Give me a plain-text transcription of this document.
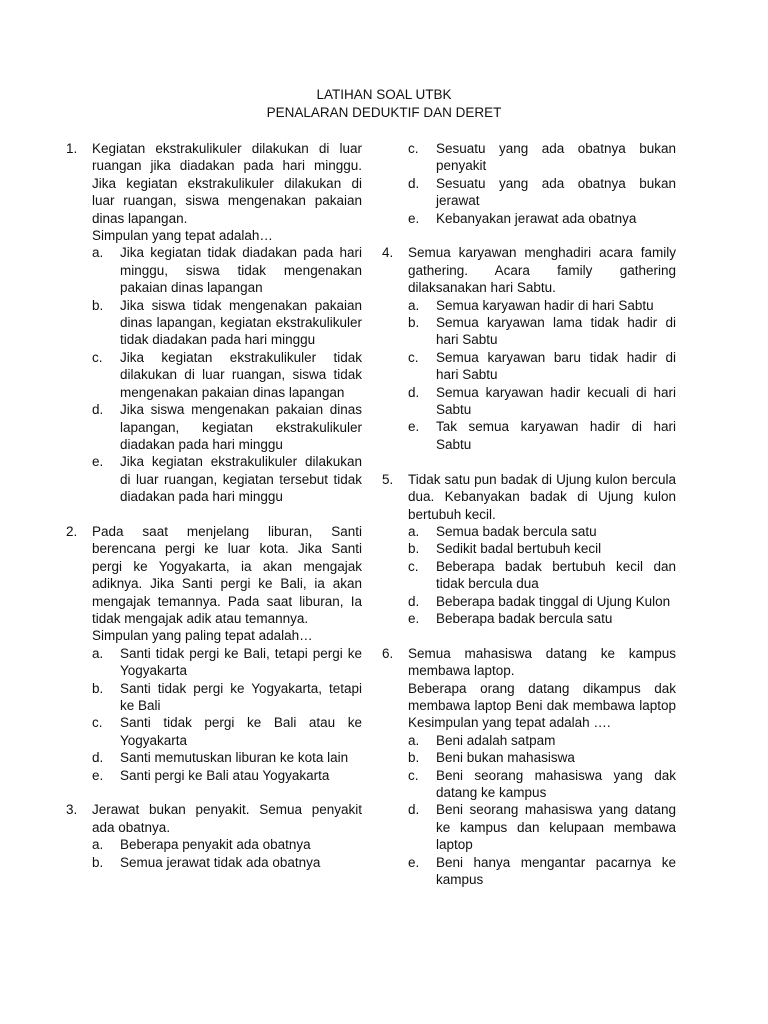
LATIHAN SOAL UTBK
PENALARAN DEDUKTIF DAN DERET
1. Kegiatan ekstrakulikuler dilakukan di luar ruangan jika diadakan pada hari minggu. Jika kegiatan ekstrakulikuler dilakukan di luar ruangan, siswa mengenakan pakaian dinas lapangan.
Simpulan yang tepat adalah…
a. Jika kegiatan tidak diadakan pada hari minggu, siswa tidak mengenakan pakaian dinas lapangan
b. Jika siswa tidak mengenakan pakaian dinas lapangan, kegiatan ekstrakulikuler tidak diadakan pada hari minggu
c. Jika kegiatan ekstrakulikuler tidak dilakukan di luar ruangan, siswa tidak mengenakan pakaian dinas lapangan
d. Jika siswa mengenakan pakaian dinas lapangan, kegiatan ekstrakulikuler diadakan pada hari minggu
e. Jika kegiatan ekstrakulikuler dilakukan di luar ruangan, kegiatan tersebut tidak diadakan pada hari minggu
2. Pada saat menjelang liburan, Santi berencana pergi ke luar kota. Jika Santi pergi ke Yogyakarta, ia akan mengajak adiknya. Jika Santi pergi ke Bali, ia akan mengajak temannya. Pada saat liburan, Ia tidak mengajak adik atau temannya.
Simpulan yang paling tepat adalah…
a. Santi tidak pergi ke Bali, tetapi pergi ke Yogyakarta
b. Santi tidak pergi ke Yogyakarta, tetapi ke Bali
c. Santi tidak pergi ke Bali atau ke Yogyakarta
d. Santi memutuskan liburan ke kota lain
e. Santi pergi ke Bali atau Yogyakarta
3. Jerawat bukan penyakit. Semua penyakit ada obatnya.
a. Beberapa penyakit ada obatnya
b. Semua jerawat tidak ada obatnya
c. Sesuatu yang ada obatnya bukan penyakit
d. Sesuatu yang ada obatnya bukan jerawat
e. Kebanyakan jerawat ada obatnya
4. Semua karyawan menghadiri acara family gathering. Acara family gathering dilaksanakan hari Sabtu.
a. Semua karyawan hadir di hari Sabtu
b. Semua karyawan lama tidak hadir di hari Sabtu
c. Semua karyawan baru tidak hadir di hari Sabtu
d. Semua karyawan hadir kecuali di hari Sabtu
e. Tak semua karyawan hadir di hari Sabtu
5. Tidak satu pun badak di Ujung kulon bercula dua. Kebanyakan badak di Ujung kulon bertubuh kecil.
a. Semua badak bercula satu
b. Sedikit badal bertubuh kecil
c. Beberapa badak bertubuh kecil dan tidak bercula dua
d. Beberapa badak tinggal di Ujung Kulon
e. Beberapa badak bercula satu
6. Semua mahasiswa datang ke kampus membawa laptop.
Beberapa orang datang dikampus dak membawa laptop Beni dak membawa laptop Kesimpulan yang tepat adalah ….
a. Beni adalah satpam
b. Beni bukan mahasiswa
c. Beni seorang mahasiswa yang dak datang ke kampus
d. Beni seorang mahasiswa yang datang ke kampus dan kelupaan membawa laptop
e. Beni hanya mengantar pacarnya ke kampus
